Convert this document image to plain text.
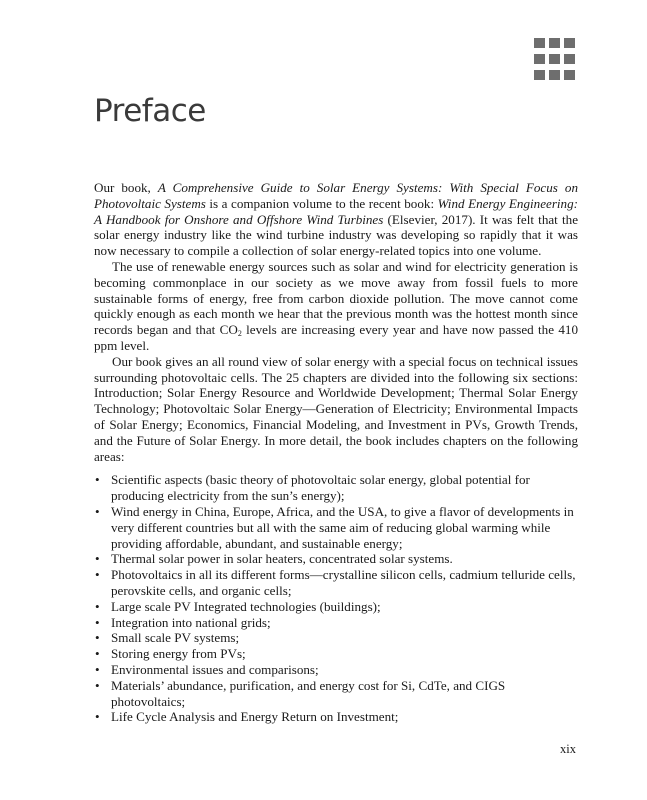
Preface

Our book, A Comprehensive Guide to Solar Energy Systems: With Special Focus on Photovoltaic Systems is a companion volume to the recent book: Wind Energy Engineering: A Handbook for Onshore and Offshore Wind Turbines (Elsevier, 2017). It was felt that the solar energy industry like the wind turbine industry was developing so rapidly that it was now necessary to compile a collection of solar energy-related topics into one volume.

The use of renewable energy sources such as solar and wind for electricity generation is becoming commonplace in our society as we move away from fossil fuels to more sustainable forms of energy, free from carbon dioxide pollution. The move cannot come quickly enough as each month we hear that the previous month was the hottest month since records began and that $CO_2$ levels are increasing every year and have now passed the 410 ppm level.

Our book gives an all round view of solar energy with a special focus on technical issues surrounding photovoltaic cells. The 25 chapters are divided into the following six sections: Introduction; Solar Energy Resource and Worldwide Development; Thermal Solar Energy Technology; Photovoltaic Solar Energy—Generation of Electricity; Environmental Impacts of Solar Energy; Economics, Financial Modeling, and Investment in PVs, Growth Trends, and the Future of Solar Energy. In more detail, the book includes chapters on the following areas:

• Scientific aspects (basic theory of photovoltaic solar energy, global potential for producing electricity from the sun’s energy);
• Wind energy in China, Europe, Africa, and the USA, to give a flavor of developments in very different countries but all with the same aim of reducing global warming while providing affordable, abundant, and sustainable energy;
• Thermal solar power in solar heaters, concentrated solar systems.
• Photovoltaics in all its different forms—crystalline silicon cells, cadmium telluride cells, perovskite cells, and organic cells;
• Large scale PV Integrated technologies (buildings);
• Integration into national grids;
• Small scale PV systems;
• Storing energy from PVs;
• Environmental issues and comparisons;
• Materials’ abundance, purification, and energy cost for Si, CdTe, and CIGS photovoltaics;
• Life Cycle Analysis and Energy Return on Investment;
xix
